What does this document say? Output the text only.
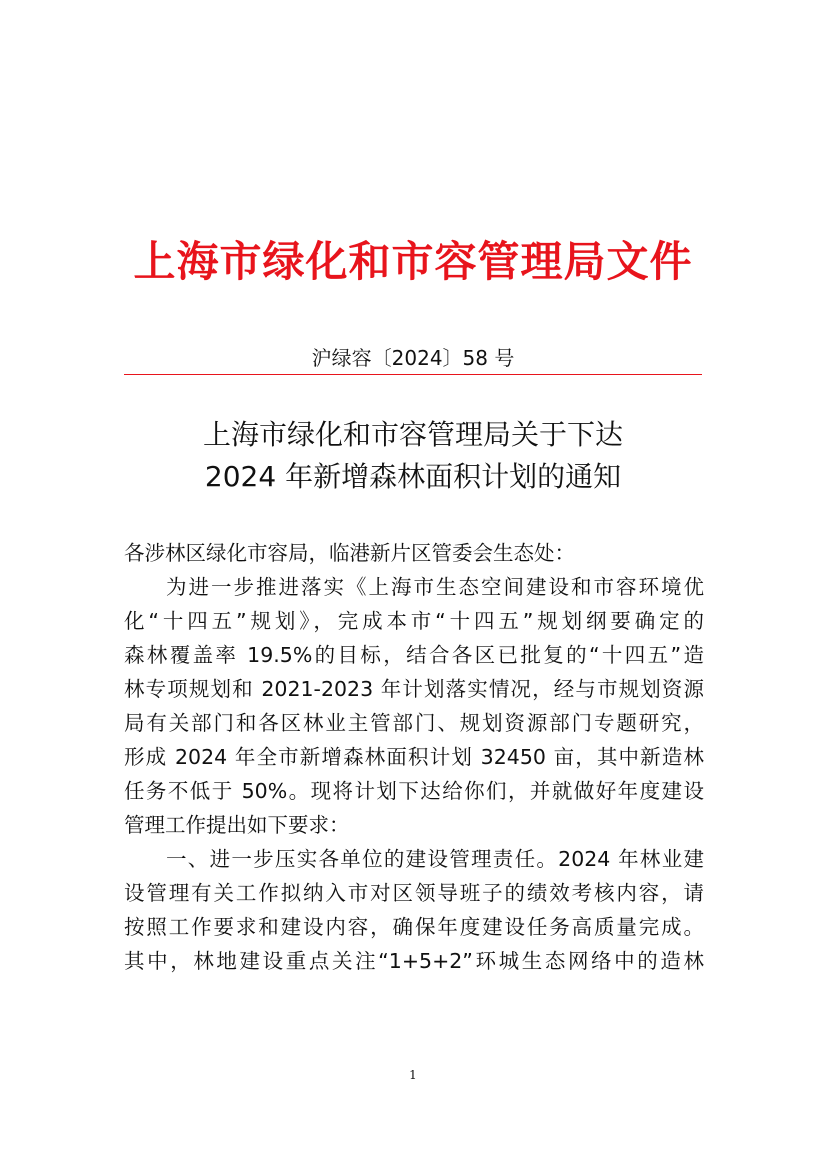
上海市绿化和市容管理局文件
沪绿容〔2024〕58 号
上海市绿化和市容管理局关于下达
2024 年新增森林面积计划的通知
各涉林区绿化市容局，临港新片区管委会生态处：
为进一步推进落实《上海市生态空间建设和市容环境优
化“十四五”规划》，完成本市“十四五”规划纲要确定的
森林覆盖率 19.5%的目标，结合各区已批复的“十四五”造
林专项规划和 2021-2023 年计划落实情况，经与市规划资源
局有关部门和各区林业主管部门、规划资源部门专题研究，
形成 2024 年全市新增森林面积计划 32450 亩，其中新造林
任务不低于 50%。现将计划下达给你们，并就做好年度建设
管理工作提出如下要求：
一、进一步压实各单位的建设管理责任。2024 年林业建
设管理有关工作拟纳入市对区领导班子的绩效考核内容，请
按照工作要求和建设内容，确保年度建设任务高质量完成。
其中，林地建设重点关注“1+5+2”环城生态网络中的造林
1
